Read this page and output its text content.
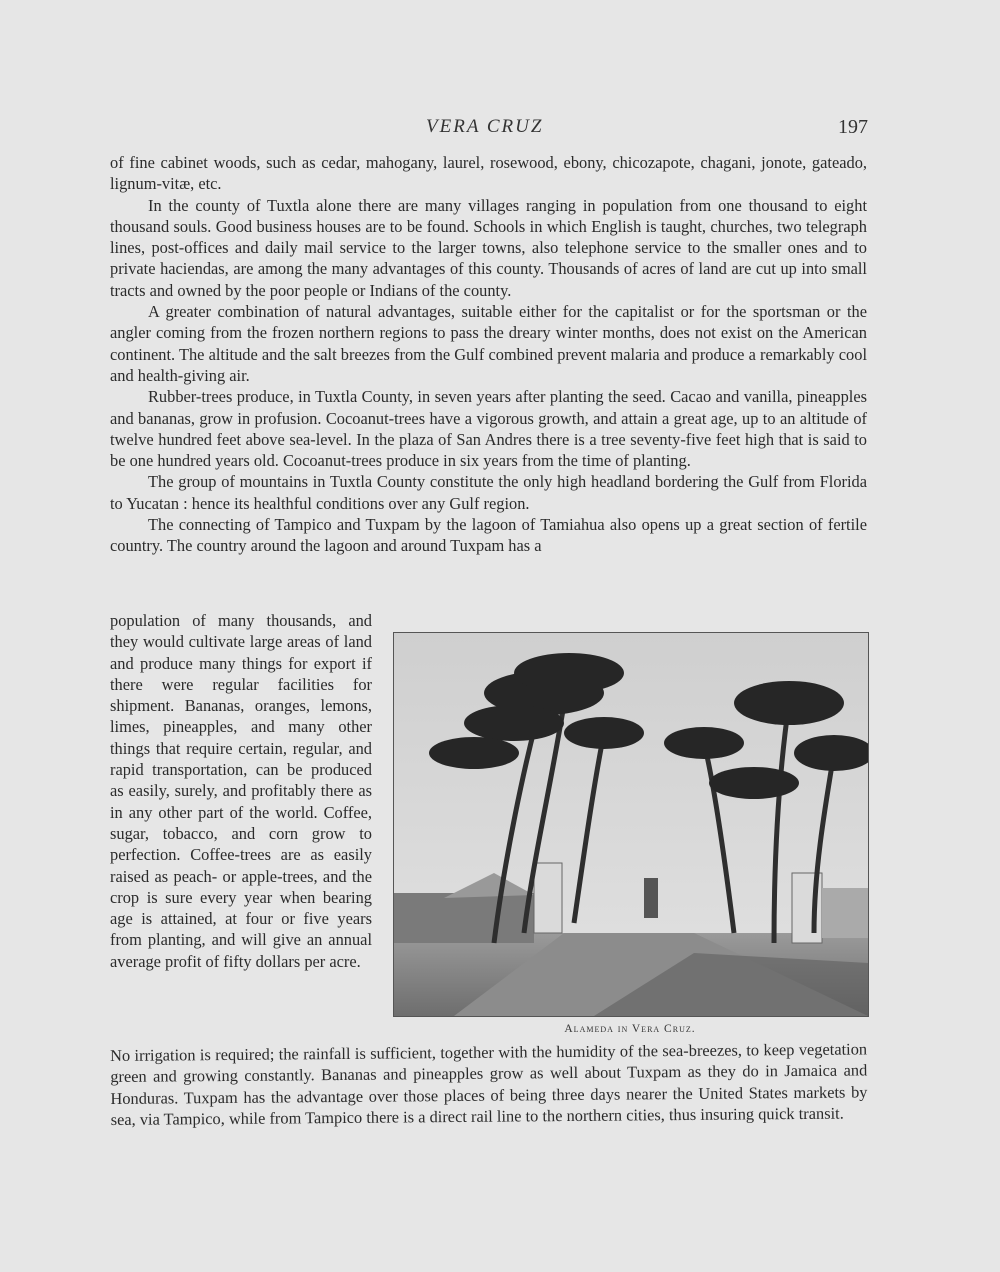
VERA CRUZ	197

of fine cabinet woods, such as cedar, mahogany, laurel, rosewood, ebony, chicozapote, chagani, jonote, gateado, lignum-vitæ, etc.

In the county of Tuxtla alone there are many villages ranging in population from one thousand to eight thousand souls. Good business houses are to be found. Schools in which English is taught, churches, two telegraph lines, post-offices and daily mail service to the larger towns, also telephone service to the smaller ones and to private haciendas, are among the many advantages of this county. Thousands of acres of land are cut up into small tracts and owned by the poor people or Indians of the county.

A greater combination of natural advantages, suitable either for the capitalist or for the sportsman or the angler coming from the frozen northern regions to pass the dreary winter months, does not exist on the American continent. The altitude and the salt breezes from the Gulf combined prevent malaria and produce a remarkably cool and health-giving air.

Rubber-trees produce, in Tuxtla County, in seven years after planting the seed. Cacao and vanilla, pineapples and bananas, grow in profusion. Cocoanut-trees have a vigorous growth, and attain a great age, up to an altitude of twelve hundred feet above sea-level. In the plaza of San Andres there is a tree seventy-five feet high that is said to be one hundred years old. Cocoanut-trees produce in six years from the time of planting.

The group of mountains in Tuxtla County constitute the only high headland bordering the Gulf from Florida to Yucatan : hence its healthful conditions over any Gulf region.

The connecting of Tampico and Tuxpam by the lagoon of Tamiahua also opens up a great section of fertile country. The country around the lagoon and around Tuxpam has a

population of many thousands, and they would cultivate large areas of land and produce many things for export if there were regular facilities for shipment. Bananas, oranges, lemons, limes, pineapples, and many other things that require certain, regular, and rapid transportation, can be produced as easily, surely, and profitably there as in any other part of the world. Coffee, sugar, tobacco, and corn grow to perfection. Coffee-trees are as easily raised as peach- or apple-trees, and the crop is sure every year when bearing age is attained, at four or five years from planting, and will give an annual average profit of fifty dollars per acre.

Alameda in Vera Cruz.

No irrigation is required; the rainfall is sufficient, together with the humidity of the sea-breezes, to keep vegetation green and growing constantly. Bananas and pineapples grow as well about Tuxpam as they do in Jamaica and Honduras. Tuxpam has the advantage over those places of being three days nearer the United States markets by sea, via Tampico, while from Tampico there is a direct rail line to the northern cities, thus insuring quick transit.
